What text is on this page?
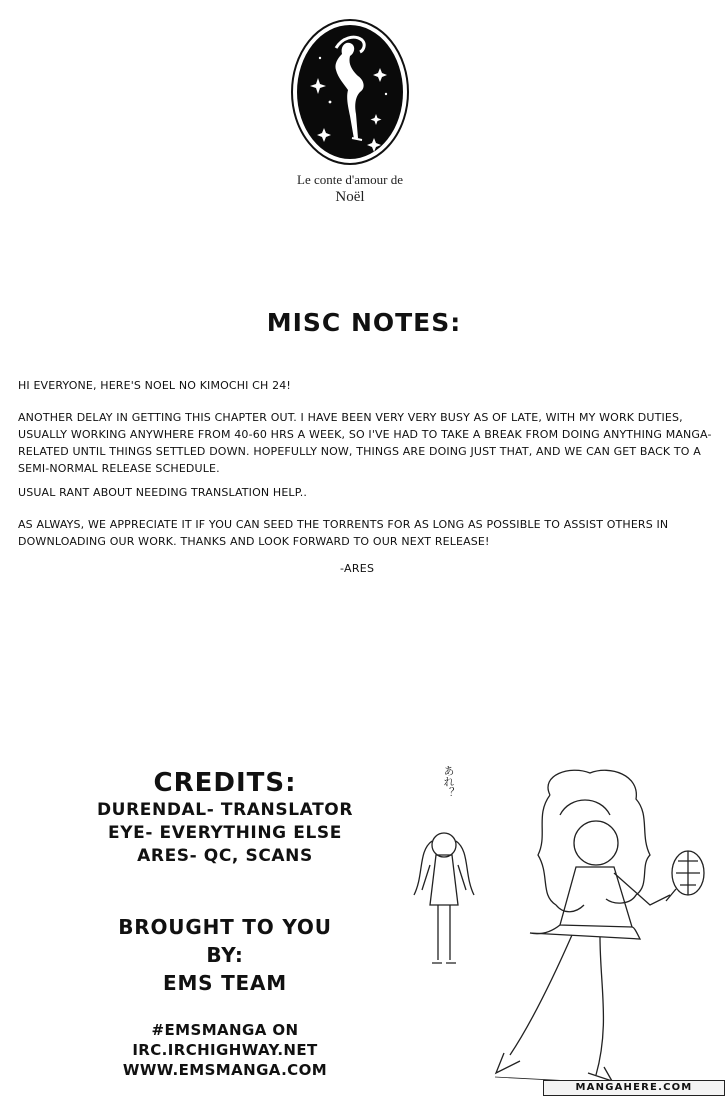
Le conte d'amour de
Noël
MISC NOTES:
HI EVERYONE, HERE'S NOEL NO KIMOCHI CH 24!
ANOTHER DELAY IN GETTING THIS CHAPTER OUT. I HAVE BEEN VERY VERY BUSY AS OF LATE, WITH MY WORK DUTIES, USUALLY WORKING ANYWHERE FROM 40-60 HRS A WEEK, SO I'VE HAD TO TAKE A BREAK FROM DOING ANYTHING MANGA-RELATED UNTIL THINGS SETTLED DOWN. HOPEFULLY NOW, THINGS ARE DOING JUST THAT, AND WE CAN GET BACK TO A SEMI-NORMAL RELEASE SCHEDULE.
USUAL RANT ABOUT NEEDING TRANSLATION HELP..
AS ALWAYS, WE APPRECIATE IT IF YOU CAN SEED THE TORRENTS FOR AS LONG AS POSSIBLE TO ASSIST OTHERS IN DOWNLOADING OUR WORK. THANKS AND LOOK FORWARD TO OUR NEXT RELEASE!
-ARES
CREDITS:
DURENDAL- TRANSLATOR
EYE- EVERYTHING ELSE
ARES- QC, SCANS
BROUGHT TO YOU
BY:
EMS TEAM
#EMSMANGA ON
IRC.IRCHIGHWAY.NET
WWW.EMSMANGA.COM
あれ？
MANGAHERE.COM
